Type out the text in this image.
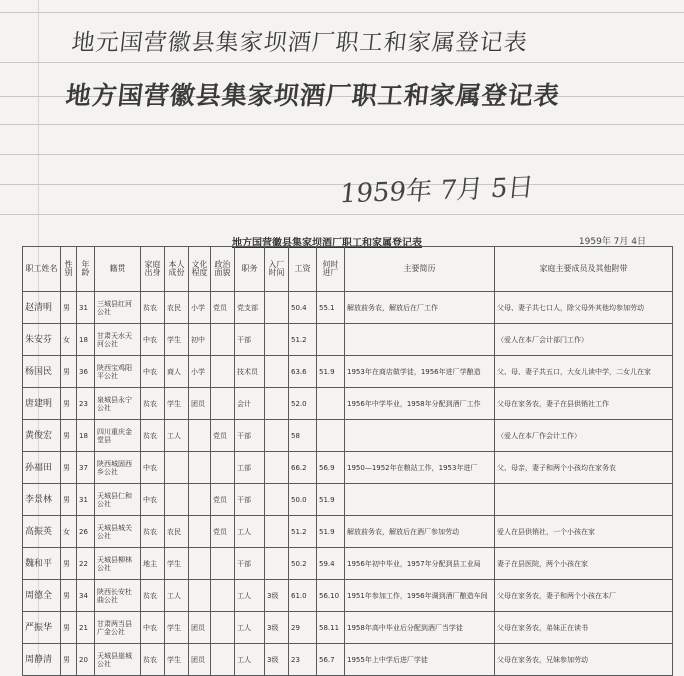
地元国营徽县集家坝酒厂职工和家属登记表
地方国营徽县集家坝酒厂职工和家属登记表
1959年 7月 5日
地方国营徽县集家坝酒厂职工和家属登记表	1959年 7月 4日
职工姓名	性别	年龄	籍贯	家庭出身	本人成份	文化程度	政治面貌	职务	入厂时间	工资	何时进厂	主要简历	家庭主要成员及其他附带
赵清明	男	31	三城县红河公社	贫农	农民	小学	党员	党支部		50.4	55.1	解放前务农，解放后在厂工作	父母、妻子共七口人，除父母外其他均参加劳动
朱安芬	女	18	甘肃天水天河公社	中农	学生	初中		干部		51.2			（爱人在本厂会计部门工作）
杨国民	男	36	陕西宝鸡阳平公社	中农	商人	小学		技术员		63.6	51.9	1953年在商店做学徒，1956年进厂学酿造	父、母、妻子共五口，大女儿读中学，二女儿在家
唐建明	男	23	泉城县永宁公社	贫农	学生	团员		会计		52.0		1956年中学毕业，1958年分配到酒厂工作	父母在家务农，妻子在县供销社工作
黄俊宏	男	18	四川重庆金堂县	贫农	工人		党员	干部		58			（爱人在本厂作会计工作）
孙福田	男	37	陕西城固西乡公社	中农				工部		66.2	56.9	1950—1952年在粮站工作，1953年进厂	父、母亲，妻子和两个小孩均在家务农
李景林	男	31	天城县仁和公社	中农			党员	干部		50.0	51.9		
高振英	女	26	天城县城关公社	贫农	农民		党员	工人		51.2	51.9	解放前务农，解放后在酒厂参加劳动	爱人在县供销社，一个小孩在家
魏和平	男	22	天城县柳林公社	地主	学生			干部		50.2	59.4	1956年初中毕业，1957年分配到县工业局	妻子在县医院，两个小孩在家
周德全	男	34	陕西长安杜曲公社	贫农	工人			工人	3级	61.0	56.10	1951年参加工作，1956年调到酒厂酿造车间	父母在家务农，妻子和两个小孩在本厂
严振华	男	21	甘肃两当县广金公社	中农	学生	团员		工人	3级	29	58.11	1958年高中毕业后分配到酒厂当学徒	父母在家务农，弟妹正在读书
周静清	男	20	天城县崖城公社	贫农	学生	团员		工人	3级	23	56.7	1955年上中学后进厂学徒	父母在家务农，兄妹参加劳动
